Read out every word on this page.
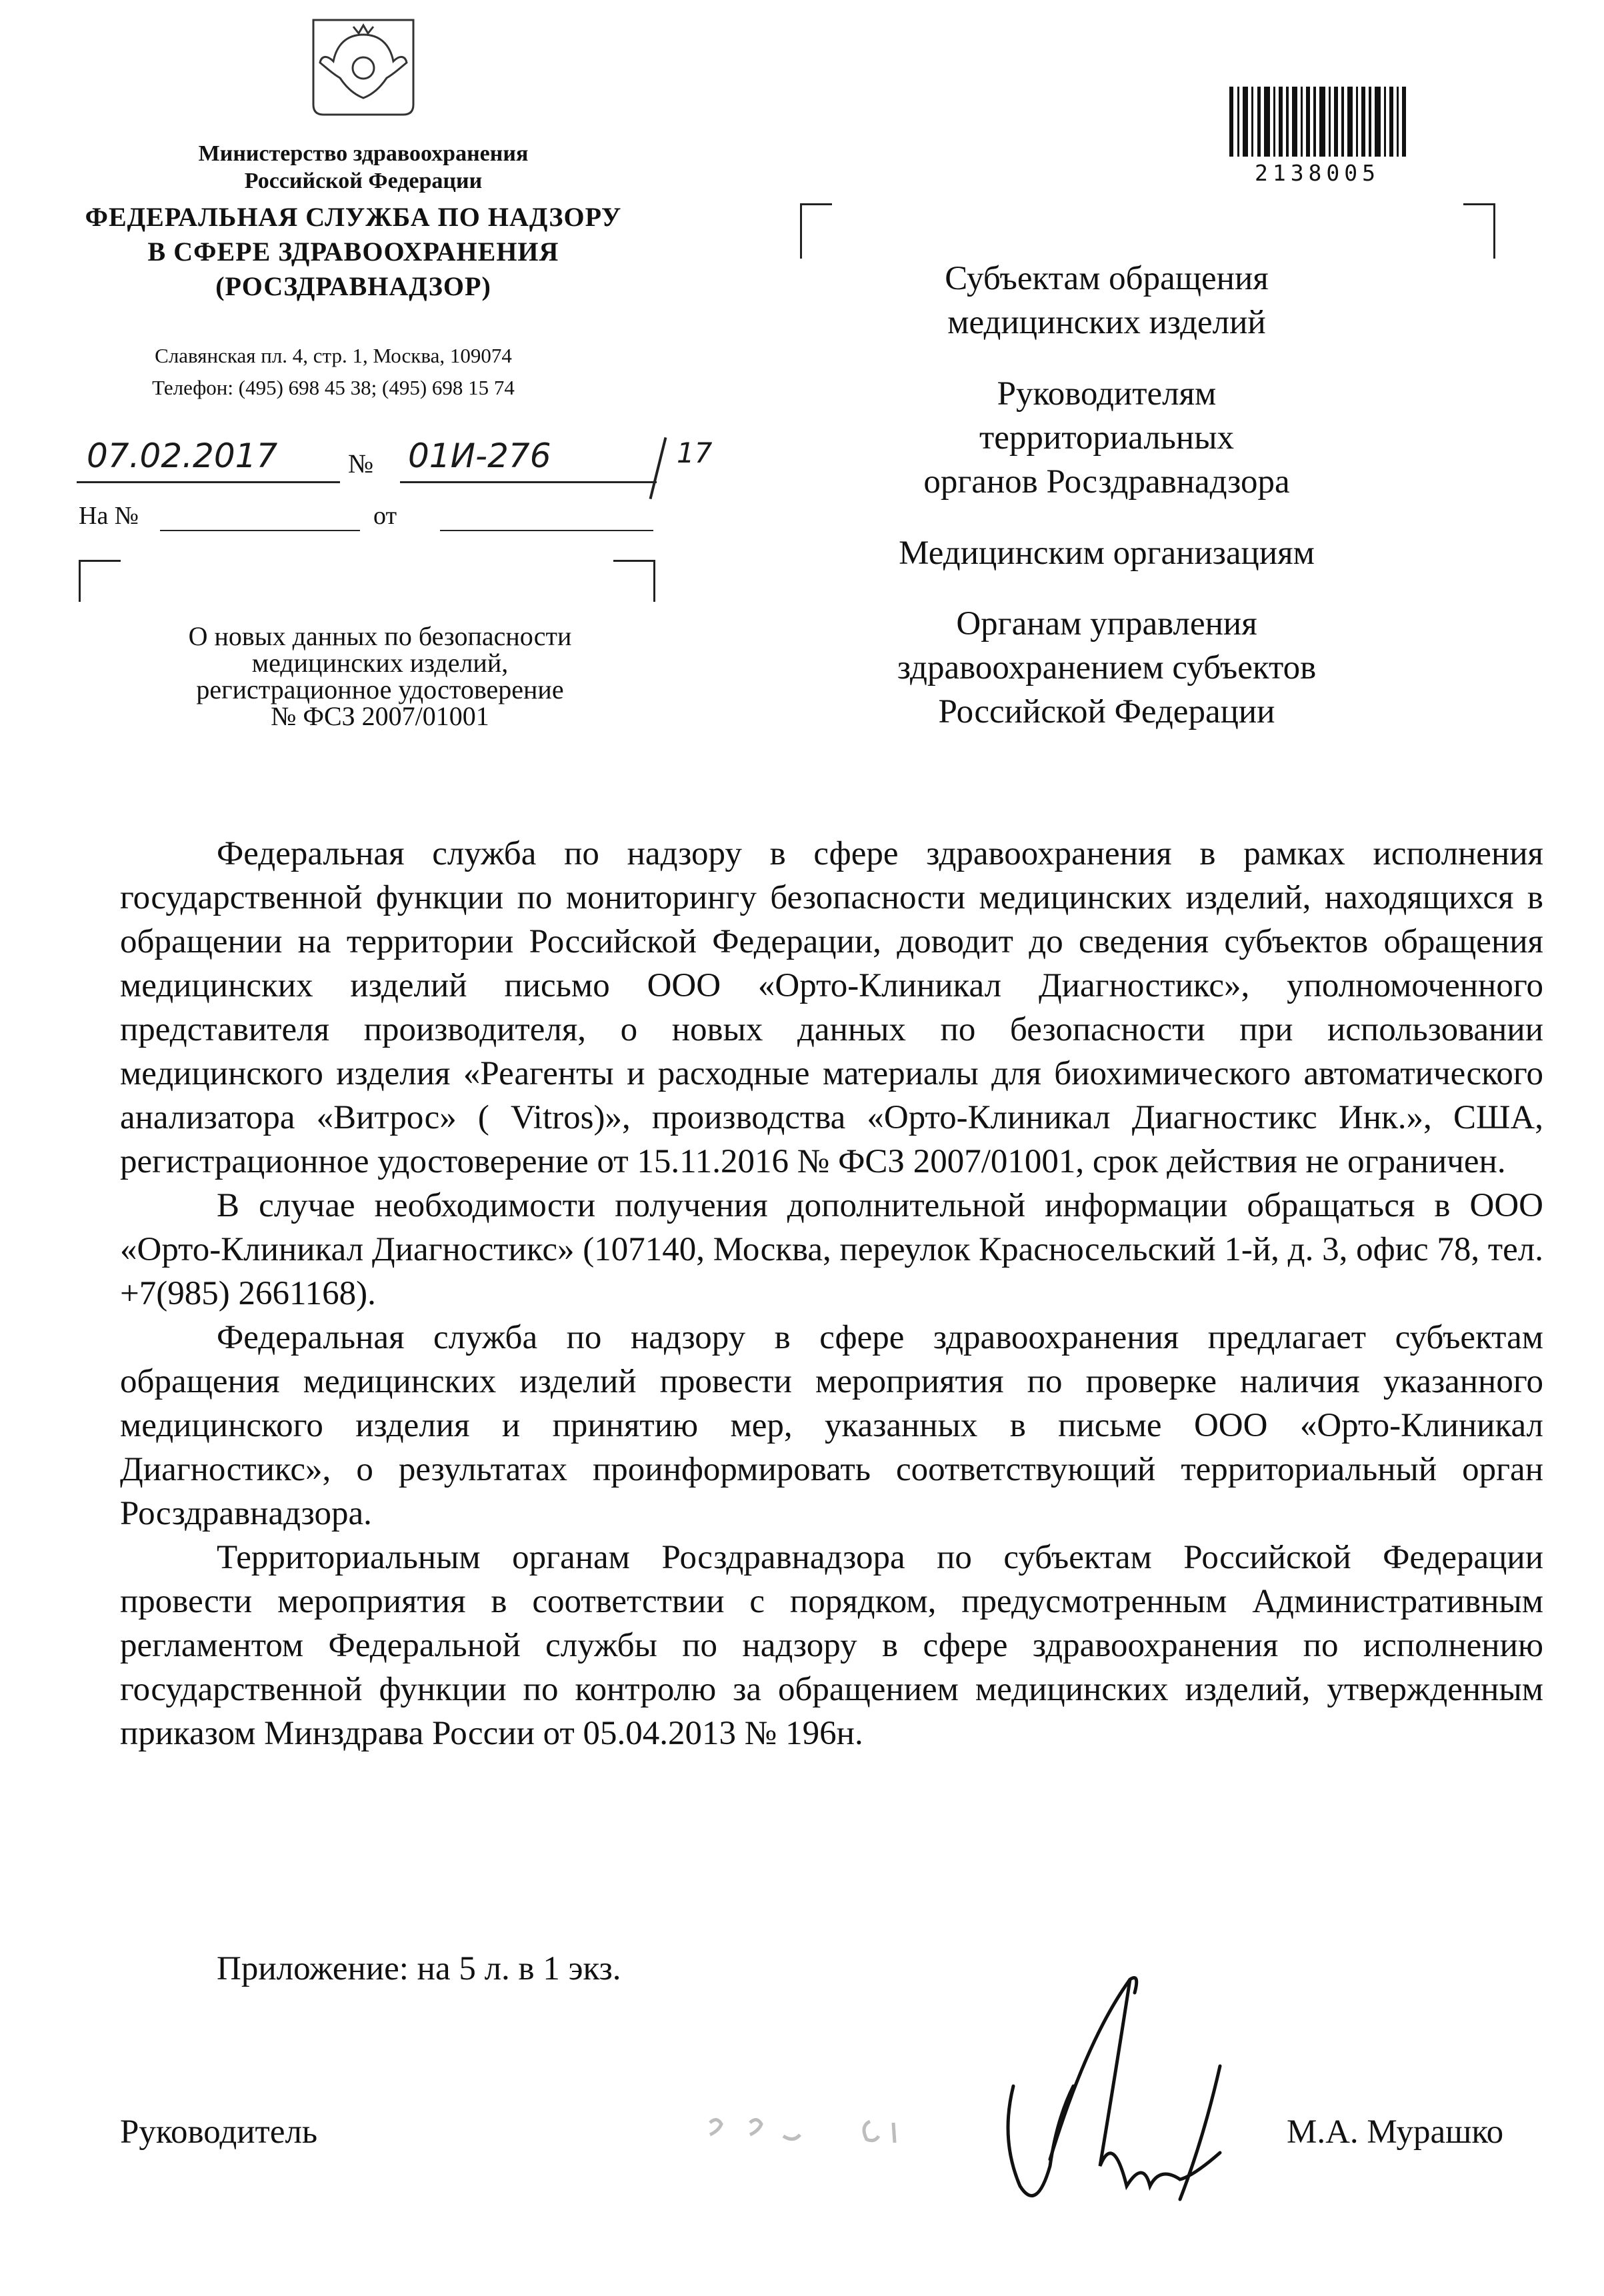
Министерство здравоохранения
Российской Федерации
ФЕДЕРАЛЬНАЯ СЛУЖБА ПО НАДЗОРУ
В СФЕРЕ ЗДРАВООХРАНЕНИЯ
(РОСЗДРАВНАДЗОР)
Славянская пл. 4, стр. 1, Москва, 109074
Телефон: (495) 698 45 38; (495) 698 15 74
07.02.2017	№ 01И-276	17
На №	от
О новых данных по безопасности
медицинских изделий,
регистрационное удостоверение
№ ФСЗ 2007/01001
2138005
Субъектам обращения
медицинских изделий
Руководителям
территориальных
органов Росздравнадзора
Медицинским организациям
Органам управления
здравоохранением субъектов
Российской Федерации

Федеральная служба по надзору в сфере здравоохранения в рамках исполнения государственной функции по мониторингу безопасности медицинских изделий, находящихся в обращении на территории Российской Федерации, доводит до сведения субъектов обращения медицинских изделий письмо ООО «Орто-Клиникал Диагностикс», уполномоченного представителя производителя, о новых данных по безопасности при использовании медицинского изделия «Реагенты и расходные материалы для биохимического автоматического анализатора «Витрос» ( Vitros)», производства «Орто-Клиникал Диагностикс Инк.», США, регистрационное удостоверение от 15.11.2016 № ФСЗ 2007/01001, срок действия не ограничен.

В случае необходимости получения дополнительной информации обращаться в ООО «Орто-Клиникал Диагностикс» (107140, Москва, переулок Красносельский 1-й, д. 3, офис 78, тел. +7(985) 2661168).

Федеральная служба по надзору в сфере здравоохранения предлагает субъектам обращения медицинских изделий провести мероприятия по проверке наличия указанного медицинского изделия и принятию мер, указанных в письме ООО «Орто-Клиникал Диагностикс», о результатах проинформировать соответствующий территориальный орган Росздравнадзора.

Территориальным органам Росздравнадзора по субъектам Российской Федерации провести мероприятия в соответствии с порядком, предусмотренным Административным регламентом Федеральной службы по надзору в сфере здравоохранения по исполнению государственной функции по контролю за обращением медицинских изделий, утвержденным приказом Минздрава России от 05.04.2013 № 196н.

Приложение: на 5 л. в 1 экз.
Руководитель	М.А. Мурашко
